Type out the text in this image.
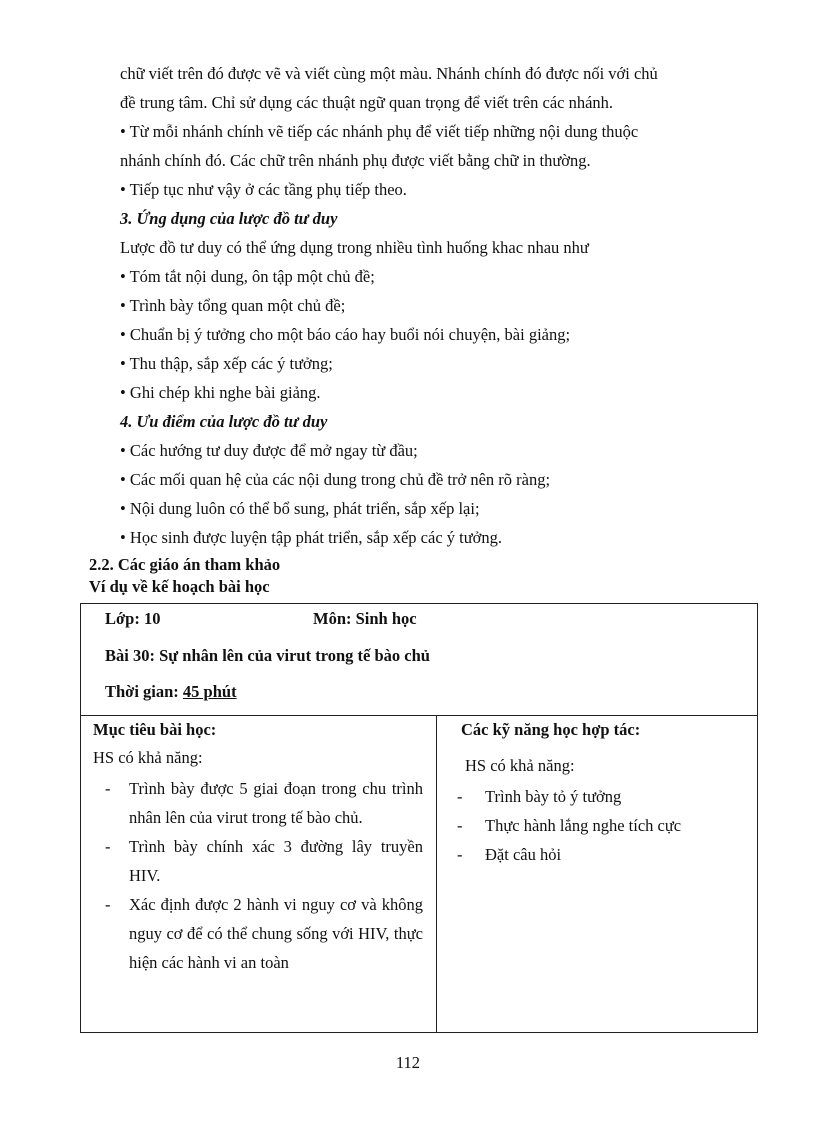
chữ viết trên đó được vẽ và viết cùng một màu. Nhánh chính đó được nối với chủ
đề trung tâm. Chỉ sử dụng các thuật ngữ quan trọng để viết trên các nhánh.
• Từ mỗi nhánh chính vẽ tiếp các nhánh phụ để viết tiếp những nội dung thuộc
nhánh chính đó. Các chữ trên nhánh phụ được viết bằng chữ in thường.
• Tiếp tục như vậy ở các tầng phụ tiếp theo.
3. Ứng dụng của lược đồ tư duy
Lược đồ tư duy có thể ứng dụng trong nhiều tình huống khac nhau như
• Tóm tắt nội dung, ôn tập một chủ đề;
• Trình bày tổng quan một chủ đề;
• Chuẩn bị ý tưởng cho một báo cáo hay buổi nói chuyện, bài giảng;
• Thu thập, sắp xếp các ý tưởng;
• Ghi chép khi nghe bài giảng.
4. Ưu điểm của lược đồ tư duy
• Các hướng tư duy được để mở ngay từ đầu;
• Các mối quan hệ của các nội dung trong chủ đề trở nên rõ ràng;
• Nội dung luôn có thể bổ sung, phát triển, sắp xếp lại;
• Học sinh được luyện tập phát triển, sắp xếp các ý tưởng.
2.2. Các giáo án tham khảo
Ví dụ về kế hoạch bài học
Lớp: 10	Môn: Sinh học
Bài 30: Sự nhân lên của virut trong tế bào chủ
Thời gian: 45 phút
Mục tiêu bài học:
HS có khả năng:
- Trình bày được 5 giai đoạn trong chu trình nhân lên của virut trong tế bào chủ.
- Trình bày chính xác 3 đường lây truyền HIV.
- Xác định được 2 hành vi nguy cơ và không nguy cơ để có thể chung sống với HIV, thực hiện các hành vi an toàn
Các kỹ năng học hợp tác:
HS có khả năng:
- Trình bày tỏ ý tưởng
- Thực hành lắng nghe tích cực
- Đặt câu hỏi
112
